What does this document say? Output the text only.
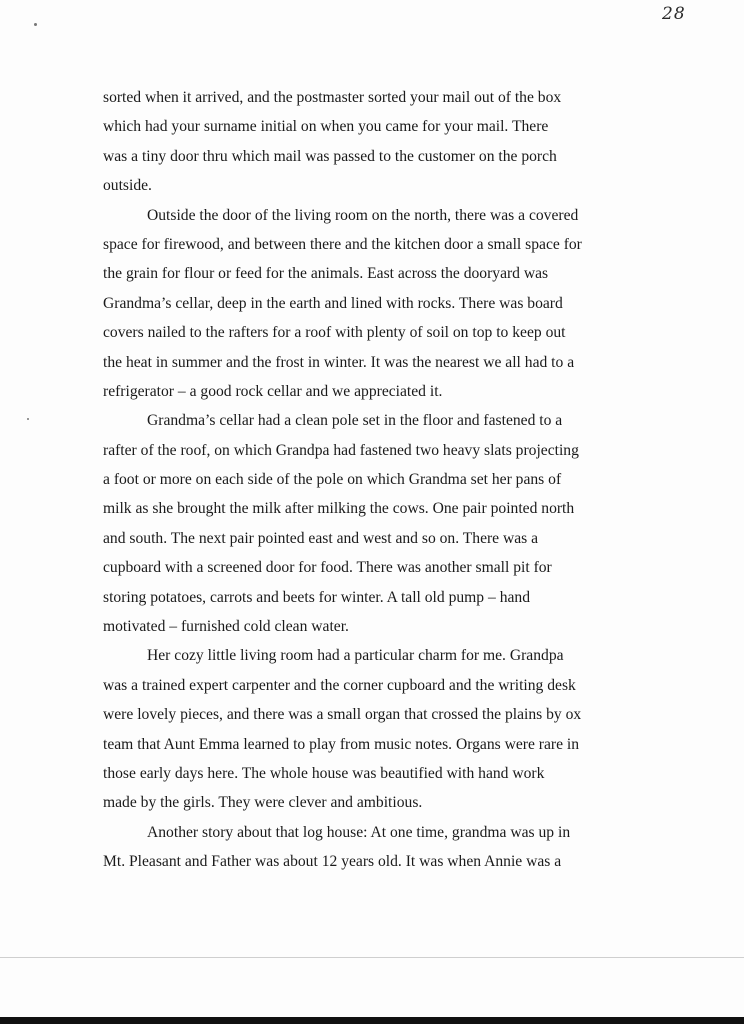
28
sorted when it arrived, and the postmaster sorted your mail out of the box
which had your surname initial on when you came for your mail. There
was a tiny door thru which mail was passed to the customer on the porch
outside.
Outside the door of the living room on the north, there was a covered
space for firewood, and between there and the kitchen door a small space for
the grain for flour or feed for the animals. East across the dooryard was
Grandma’s cellar, deep in the earth and lined with rocks. There was board
covers nailed to the rafters for a roof with plenty of soil on top to keep out
the heat in summer and the frost in winter. It was the nearest we all had to a
refrigerator – a good rock cellar and we appreciated it.
Grandma’s cellar had a clean pole set in the floor and fastened to a
rafter of the roof, on which Grandpa had fastened two heavy slats projecting
a foot or more on each side of the pole on which Grandma set her pans of
milk as she brought the milk after milking the cows. One pair pointed north
and south. The next pair pointed east and west and so on. There was a
cupboard with a screened door for food. There was another small pit for
storing potatoes, carrots and beets for winter. A tall old pump – hand
motivated – furnished cold clean water.
Her cozy little living room had a particular charm for me. Grandpa
was a trained expert carpenter and the corner cupboard and the writing desk
were lovely pieces, and there was a small organ that crossed the plains by ox
team that Aunt Emma learned to play from music notes. Organs were rare in
those early days here. The whole house was beautified with hand work
made by the girls. They were clever and ambitious.
Another story about that log house: At one time, grandma was up in
Mt. Pleasant and Father was about 12 years old. It was when Annie was a
